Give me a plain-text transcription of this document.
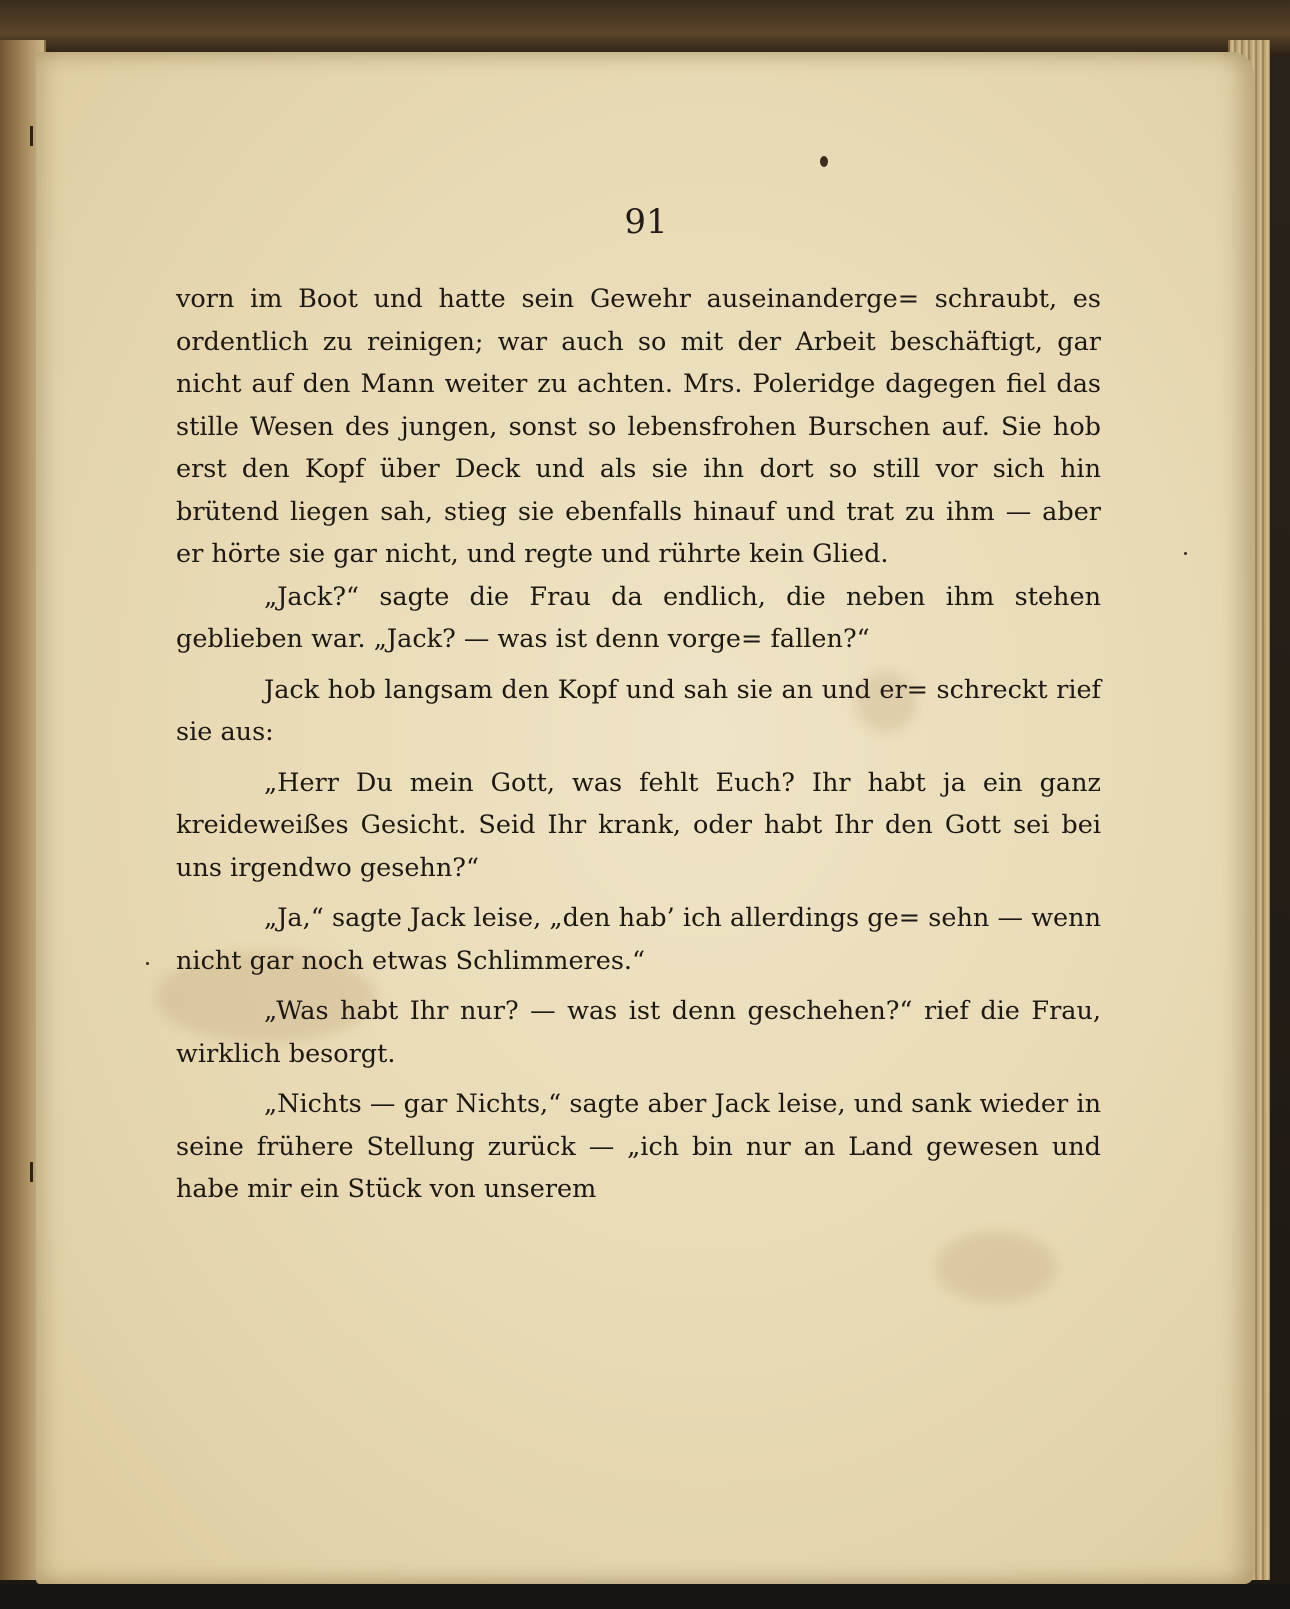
91

vorn im Boot und hatte sein Gewehr auseinanderge= schraubt, es ordentlich zu reinigen; war auch so mit der Arbeit beschäftigt, gar nicht auf den Mann weiter zu achten. Mrs. Poleridge dagegen fiel das stille Wesen des jungen, sonst so lebensfrohen Burschen auf. Sie hob erst den Kopf über Deck und als sie ihn dort so still vor sich hin brütend liegen sah, stieg sie ebenfalls hinauf und trat zu ihm — aber er hörte sie gar nicht, und regte und rührte kein Glied.

„Jack?“ sagte die Frau da endlich, die neben ihm stehen geblieben war. „Jack? — was ist denn vorge= fallen?“

Jack hob langsam den Kopf und sah sie an und er= schreckt rief sie aus:

„Herr Du mein Gott, was fehlt Euch? Ihr habt ja ein ganz kreideweißes Gesicht. Seid Ihr krank, oder habt Ihr den Gott sei bei uns irgendwo gesehn?“

„Ja,“ sagte Jack leise, „den hab’ ich allerdings ge= sehn — wenn nicht gar noch etwas Schlimmeres.“

„Was habt Ihr nur? — was ist denn geschehen?“ rief die Frau, wirklich besorgt.

„Nichts — gar Nichts,“ sagte aber Jack leise, und sank wieder in seine frühere Stellung zurück — „ich bin nur an Land gewesen und habe mir ein Stück von unserem
